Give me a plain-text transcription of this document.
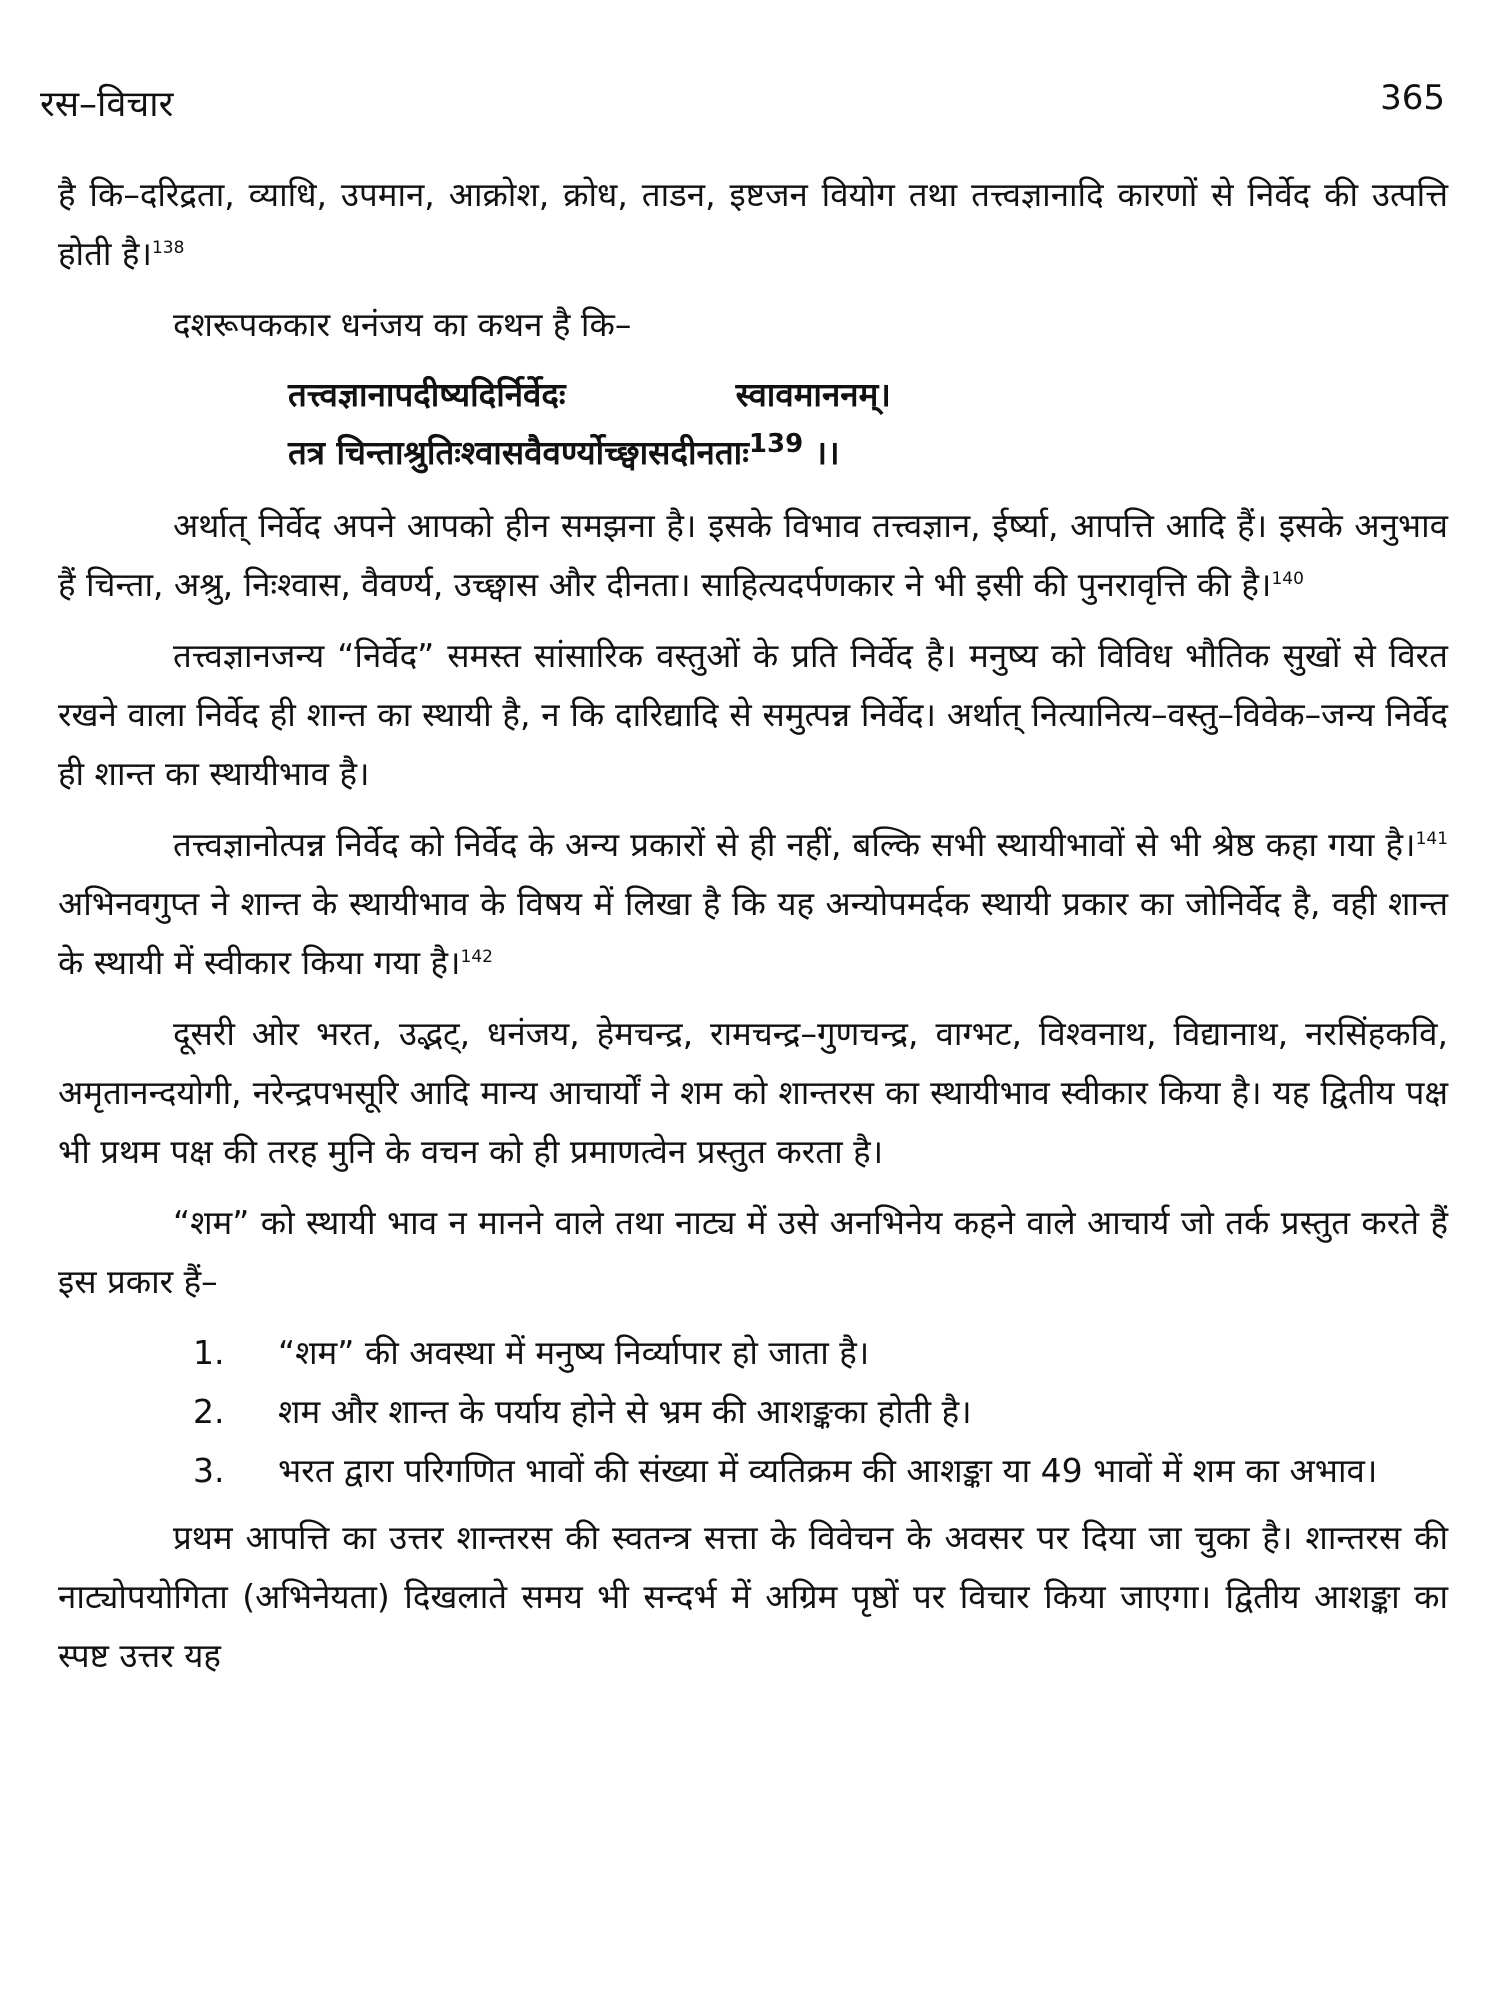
रस–विचार	365

है कि–दरिद्रता, व्याधि, उपमान, आक्रोश, क्रोध, ताडन, इष्टजन वियोग तथा तत्त्वज्ञानादि कारणों से निर्वेद की उत्पत्ति होती है।$^{138}$

दशरूपककार धनंजय का कथन है कि–

तत्त्वज्ञानापदीष्यदिर्निर्वेदः	स्वावमाननम्।
तत्र चिन्ताश्रुतिःश्वासवैवर्ण्योच्छ्वासदीनताः$^{139}$ ।।

अर्थात् निर्वेद अपने आपको हीन समझना है। इसके विभाव तत्त्वज्ञान, ईर्ष्या, आपत्ति आदि हैं। इसके अनुभाव हैं चिन्ता, अश्रु, निःश्वास, वैवर्ण्य, उच्छ्वास और दीनता। साहित्यदर्पणकार ने भी इसी की पुनरावृत्ति की है।$^{140}$

तत्त्वज्ञानजन्य “निर्वेद” समस्त सांसारिक वस्तुओं के प्रति निर्वेद है। मनुष्य को विविध भौतिक सुखों से विरत रखने वाला निर्वेद ही शान्त का स्थायी है, न कि दारिद्यादि से समुत्पन्न निर्वेद। अर्थात् नित्यानित्य–वस्तु–विवेक–जन्य निर्वेद ही शान्त का स्थायीभाव है।

तत्त्वज्ञानोत्पन्न निर्वेद को निर्वेद के अन्य प्रकारों से ही नहीं, बल्कि सभी स्थायीभावों से भी श्रेष्ठ कहा गया है।$^{141}$ अभिनवगुप्त ने शान्त के स्थायीभाव के विषय में लिखा है कि यह अन्योपमर्दक स्थायी प्रकार का जोनिर्वेद है, वही शान्त के स्थायी में स्वीकार किया गया है।$^{142}$

दूसरी ओर भरत, उद्भट्, धनंजय, हेमचन्द्र, रामचन्द्र–गुणचन्द्र, वाग्भट, विश्वनाथ, विद्यानाथ, नरसिंहकवि, अमृतानन्दयोगी, नरेन्द्रपभसूरि आदि मान्य आचार्यों ने शम को शान्तरस का स्थायीभाव स्वीकार किया है। यह द्वितीय पक्ष भी प्रथम पक्ष की तरह मुनि के वचन को ही प्रमाणत्वेन प्रस्तुत करता है।

“शम” को स्थायी भाव न मानने वाले तथा नाट्य में उसे अनभिनेय कहने वाले आचार्य जो तर्क प्रस्तुत करते हैं इस प्रकार हैं–

1. “शम” की अवस्था में मनुष्य निर्व्यापार हो जाता है।
2. शम और शान्त के पर्याय होने से भ्रम की आशङ्कका होती है।
3. भरत द्वारा परिगणित भावों की संख्या में व्यतिक्रम की आशङ्का या 49 भावों में शम का अभाव।

प्रथम आपत्ति का उत्तर शान्तरस की स्वतन्त्र सत्ता के विवेचन के अवसर पर दिया जा चुका है। शान्तरस की नाट्योपयोगिता (अभिनेयता) दिखलाते समय भी सन्दर्भ में अग्रिम पृष्ठों पर विचार किया जाएगा। द्वितीय आशङ्का का स्पष्ट उत्तर यह
